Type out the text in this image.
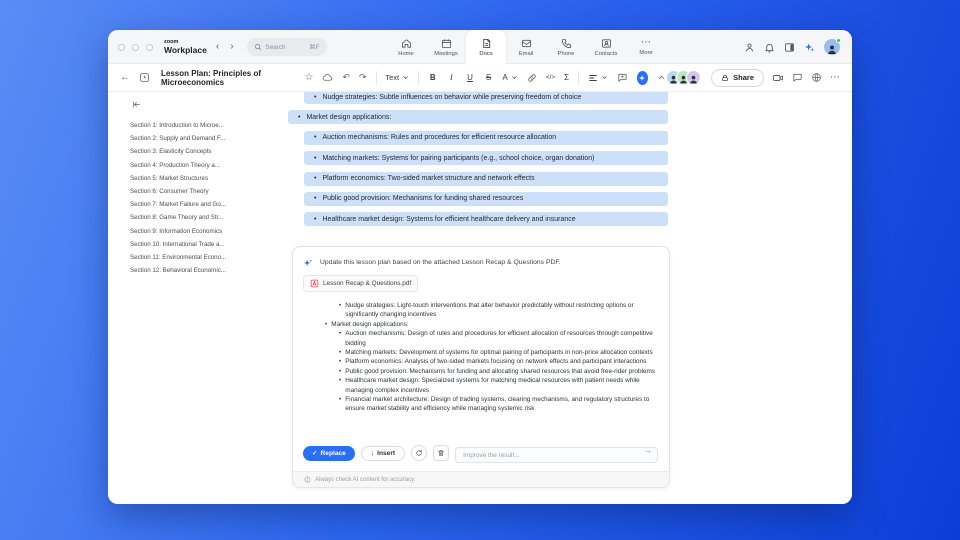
zoom
Workplace ‹ ›	Search	⌘F
Home	Meetings	Docs	Email	Phone	Contacts
⋯
More
←	Lesson Plan: Principles of Microeconomics	☆	↶ ↷	Text	B	I	U S A	</> Σ	Share	⋯
Section 1: Introduction to Microe...
Section 2: Supply and Demand F...
Section 3: Elasticity Concepts
Section 4: Production Theory a...
Section 5: Market Structures
Section 6: Consumer Theory
Section 7: Market Failure and Go...
Section 8: Game Theory and Str...
Section 9: Information Economics
Section 10: International Trade a...
Section 11: Environmental Econo...
Section 12: Behavioral Economic...
• Nudge strategies: Subtle influences on behavior while preserving freedom of choice
• Market design applications:
• Auction mechanisms: Rules and procedures for efficient resource allocation
• Matching markets: Systems for pairing participants (e.g., school choice, organ donation)
• Platform economics: Two-sided market structure and network effects
• Public good provision: Mechanisms for funding shared resources
• Healthcare market design: Systems for efficient healthcare delivery and insurance
Update this lesson plan based on the attached Lesson Recap & Questions PDF.
Lesson Recap & Questions.pdf
• Nudge strategies: Light-touch interventions that alter behavior predictably without restricting options or significantly changing incentives
• Market design applications:
• Auction mechanisms: Design of rules and procedures for efficient allocation of resources through competitive bidding
• Matching markets: Development of systems for optimal pairing of participants in non-price allocation contexts
• Platform economics: Analysis of two-sided markets focusing on network effects and participant interactions
• Public good provision: Mechanisms for funding and allocating shared resources that avoid free-rider problems
• Healthcare market design: Specialized systems for matching medical resources with patient needs while managing complex incentives
• Financial market architecture: Design of trading systems, clearing mechanisms, and regulatory structures to ensure market stability and efficiency while managing systemic risk
✓ Replace	↓ Insert
Improve the result...	→
Always check AI content for accuracy.
